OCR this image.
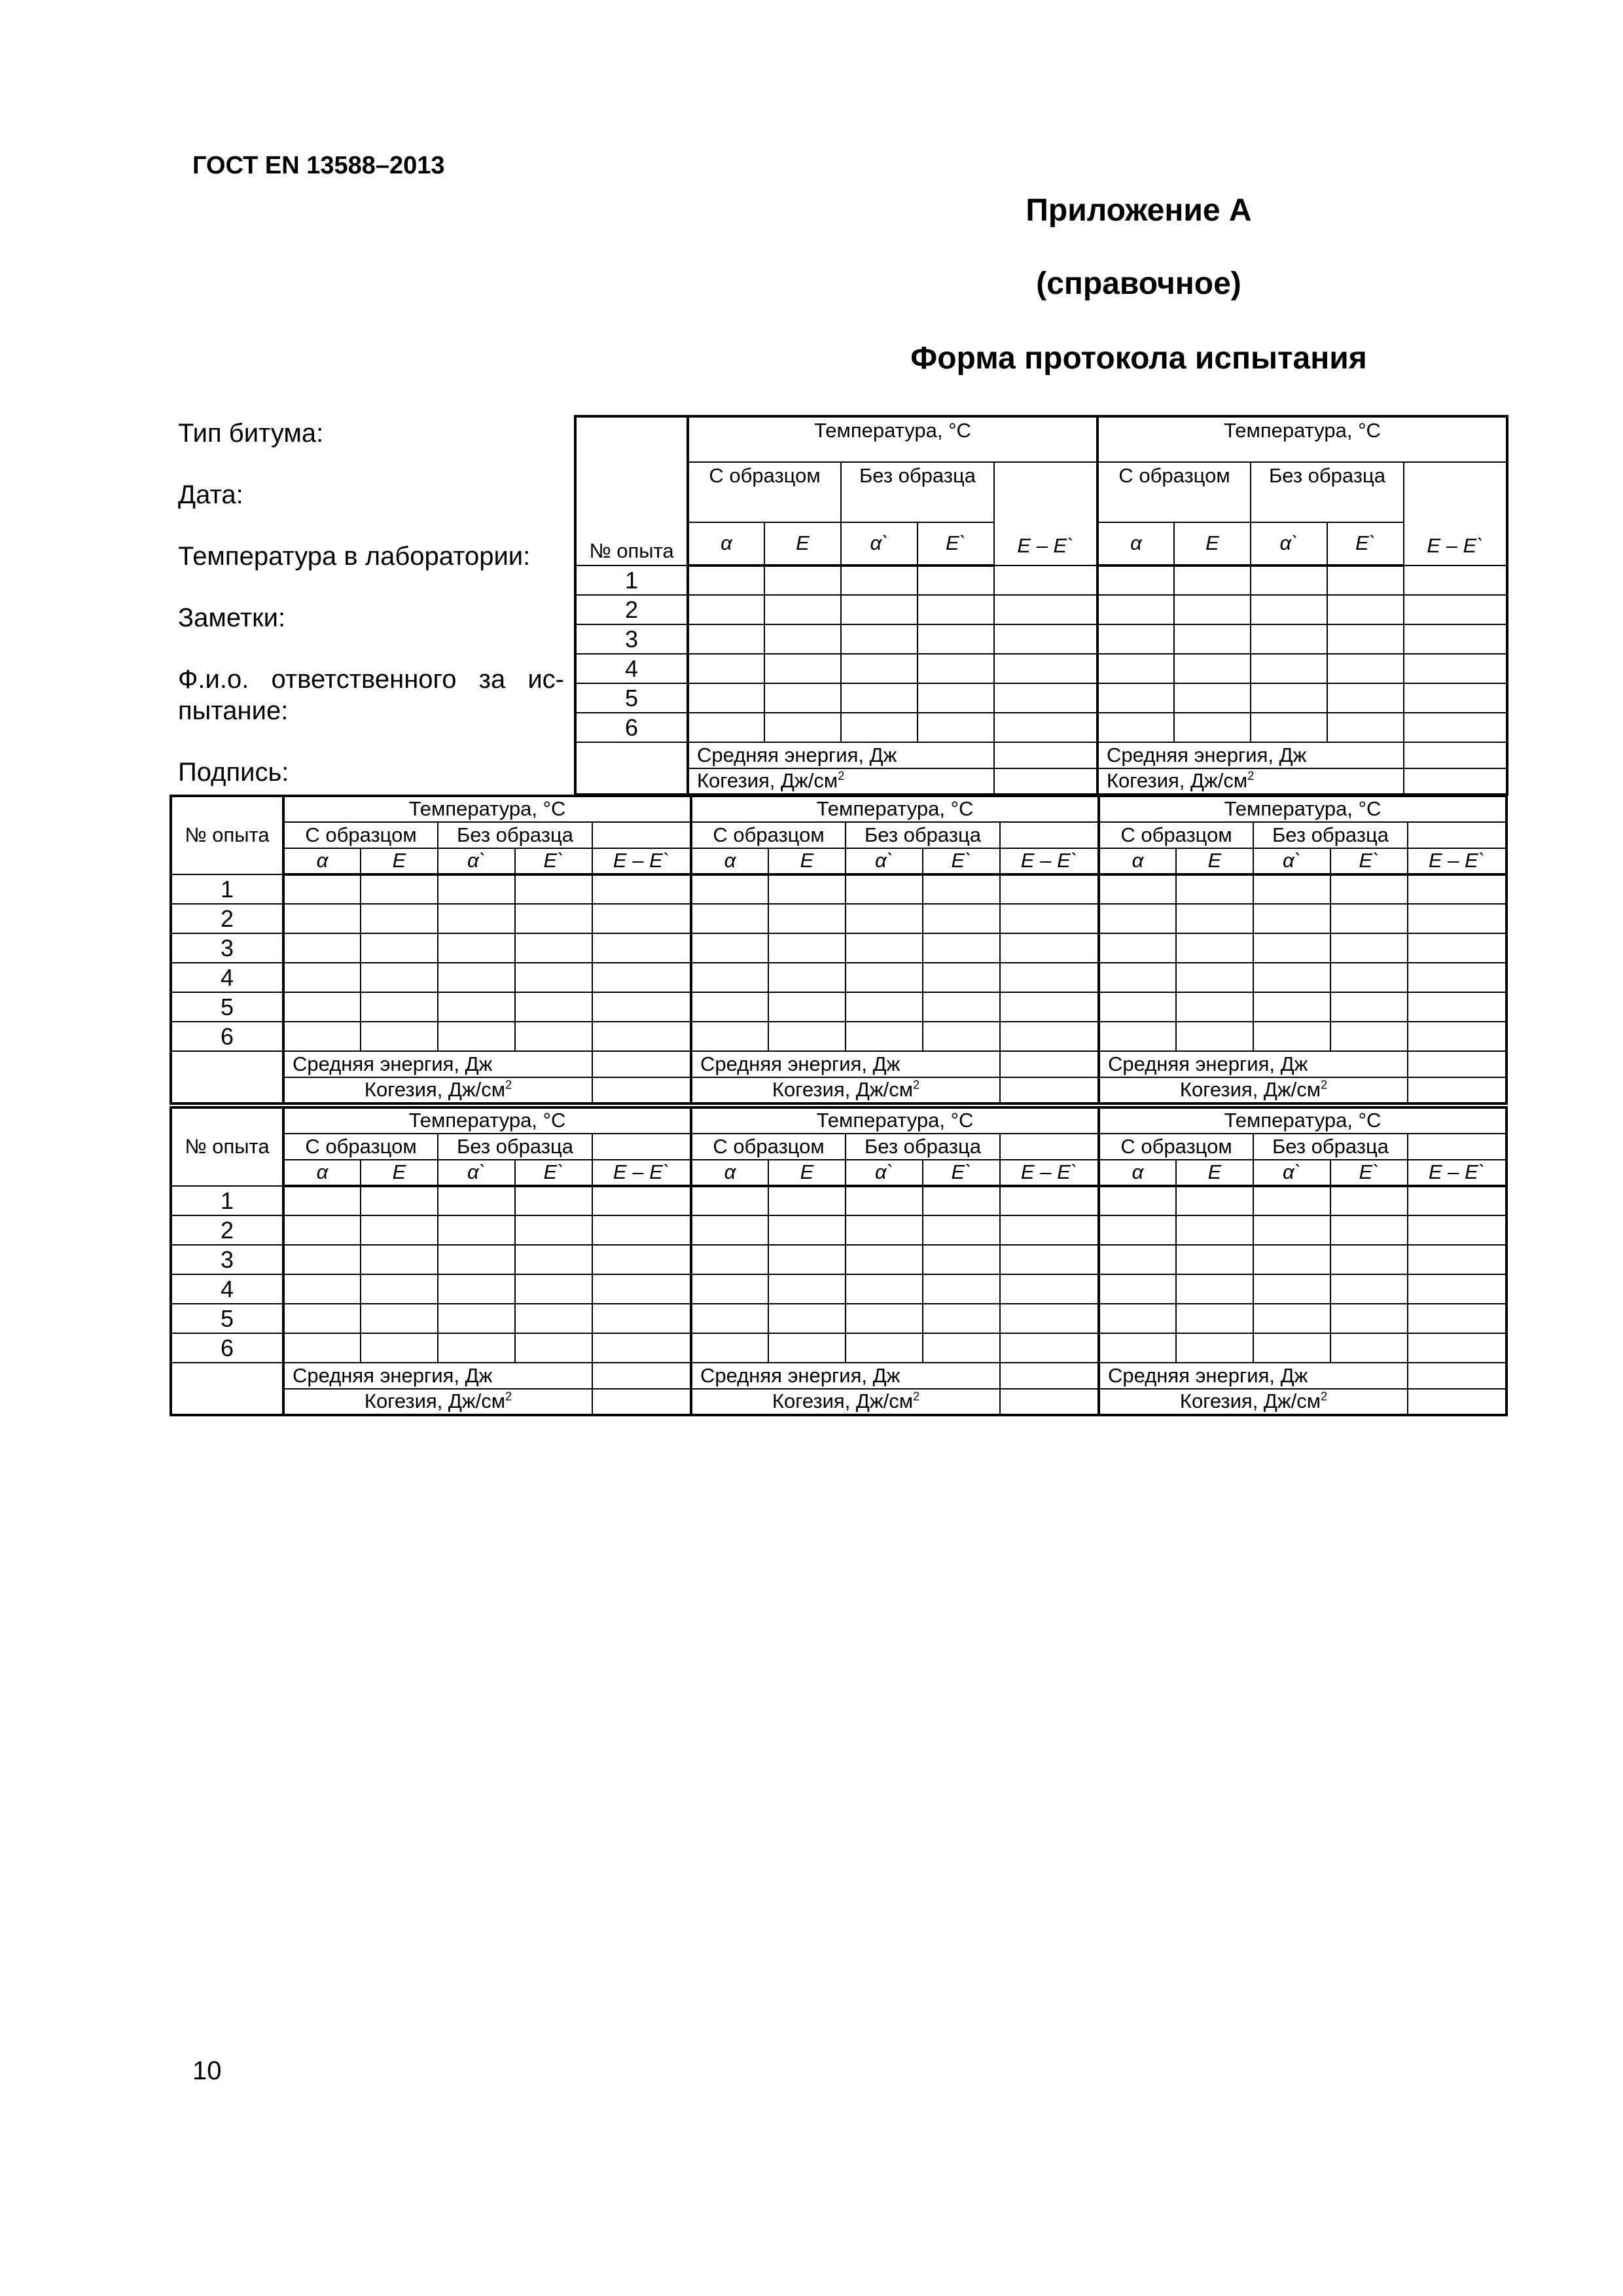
ГОСТ EN 13588–2013
Приложение А
(справочное)
Форма протокола испытания
Тип битума:
Дата:
Температура в лаборатории:
Заметки:
Ф.и.о. ответственного за ис-пытание:
Подпись:
№ опыта	Температура, °C					Температура, °C				
	С образцом		Без образца		E – E`	С образцом		Без образца		E – E`
	α	E	α`	E`		α	E	α`	E`	
1										
2										
3										
4										
5										
6										
	Средняя энергия, Дж					Средняя энергия, Дж				
	Когезия, $Дж/см^2$					Когезия, $Дж/см^2$	
№ опыта	Температура, °C					Температура, °C					Температура, °C				
	С образцом		Без образца			С образцом		Без образца			С образцом		Без образца		
	α	E	α`	E`	E – E`	α	E	α`	E`	E – E`	α	E	α`	E`	E – E`
1															
2															
3															
4															
5															
6															
	Средняя энергия, Дж					Средняя энергия, Дж					Средняя энергия, Дж				
	Когезия, $Дж/см^2$					Когезия, $Дж/см^2$					Когезия, $Дж/см^2$	
№ опыта	Температура, °C					Температура, °C					Температура, °C				
	С образцом		Без образца			С образцом		Без образца			С образцом		Без образца		
	α	E	α`	E`	E – E`	α	E	α`	E`	E – E`	α	E	α`	E`	E – E`
1															
2															
3															
4															
5															
6															
	Средняя энергия, Дж					Средняя энергия, Дж					Средняя энергия, Дж				
	Когезия, $Дж/см^2$					Когезия, $Дж/см^2$					Когезия, $Дж/см^2$	
10
